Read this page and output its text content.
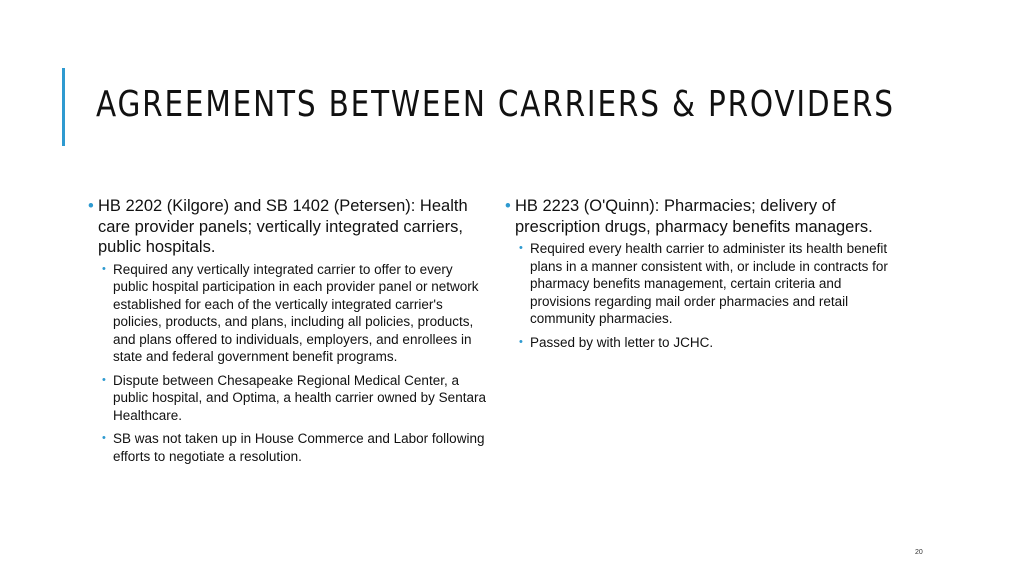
AGREEMENTS BETWEEN CARRIERS & PROVIDERS
• HB 2202 (Kilgore) and SB 1402 (Petersen): Health care provider panels; vertically integrated carriers, public hospitals.
• Required any vertically integrated carrier to offer to every public hospital participation in each provider panel or network established for each of the vertically integrated carrier's policies, products, and plans, including all policies, products, and plans offered to individuals, employers, and enrollees in state and federal government benefit programs.
• Dispute between Chesapeake Regional Medical Center, a public hospital, and Optima, a health carrier owned by Sentara Healthcare.
• SB was not taken up in House Commerce and Labor following efforts to negotiate a resolution.
• HB 2223 (O'Quinn): Pharmacies; delivery of prescription drugs, pharmacy benefits managers.
• Required every health carrier to administer its health benefit plans in a manner consistent with, or include in contracts for pharmacy benefits management, certain criteria and provisions regarding mail order pharmacies and retail community pharmacies.
• Passed by with letter to JCHC.
20
